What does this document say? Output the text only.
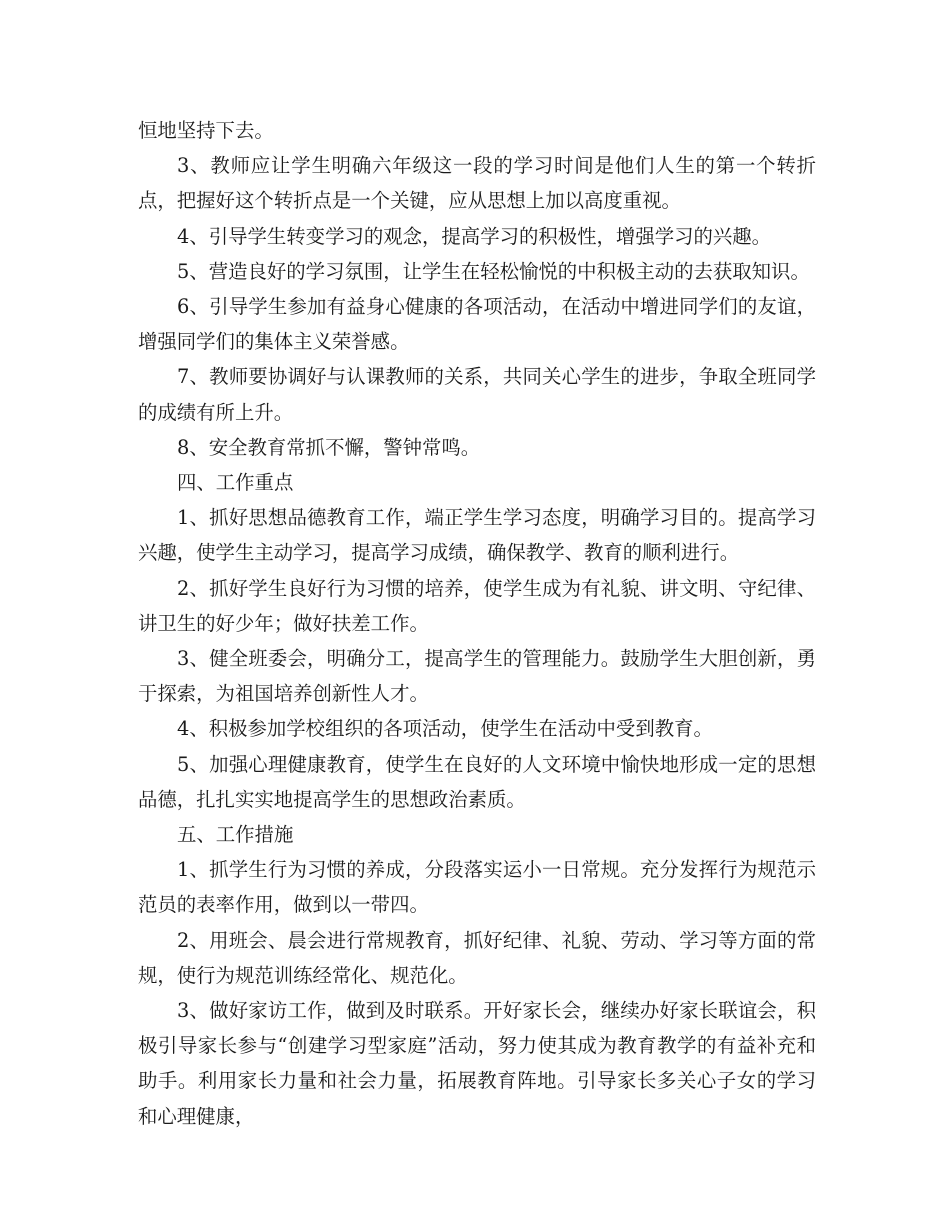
恒地坚持下去。

3、教师应让学生明确六年级这一段的学习时间是他们人生的第一个转折点，把握好这个转折点是一个关键，应从思想上加以高度重视。

4、引导学生转变学习的观念，提高学习的积极性，增强学习的兴趣。

5、营造良好的学习氛围，让学生在轻松愉悦的中积极主动的去获取知识。

6、引导学生参加有益身心健康的各项活动，在活动中增进同学们的友谊，增强同学们的集体主义荣誉感。

7、教师要协调好与认课教师的关系，共同关心学生的进步，争取全班同学的成绩有所上升。

8、安全教育常抓不懈，警钟常鸣。

四、工作重点

1、抓好思想品德教育工作，端正学生学习态度，明确学习目的。提高学习兴趣，使学生主动学习，提高学习成绩，确保教学、教育的顺利进行。

2、抓好学生良好行为习惯的培养，使学生成为有礼貌、讲文明、守纪律、讲卫生的好少年；做好扶差工作。

3、健全班委会，明确分工，提高学生的管理能力。鼓励学生大胆创新，勇于探索，为祖国培养创新性人才。

4、积极参加学校组织的各项活动，使学生在活动中受到教育。

5、加强心理健康教育，使学生在良好的人文环境中愉快地形成一定的思想品德，扎扎实实地提高学生的思想政治素质。

五、工作措施

1、抓学生行为习惯的养成，分段落实运小一日常规。充分发挥行为规范示范员的表率作用，做到以一带四。

2、用班会、晨会进行常规教育，抓好纪律、礼貌、劳动、学习等方面的常规，使行为规范训练经常化、规范化。

3、做好家访工作，做到及时联系。开好家长会，继续办好家长联谊会，积极引导家长参与“创建学习型家庭”活动，努力使其成为教育教学的有益补充和助手。利用家长力量和社会力量，拓展教育阵地。引导家长多关心子女的学习和心理健康，
